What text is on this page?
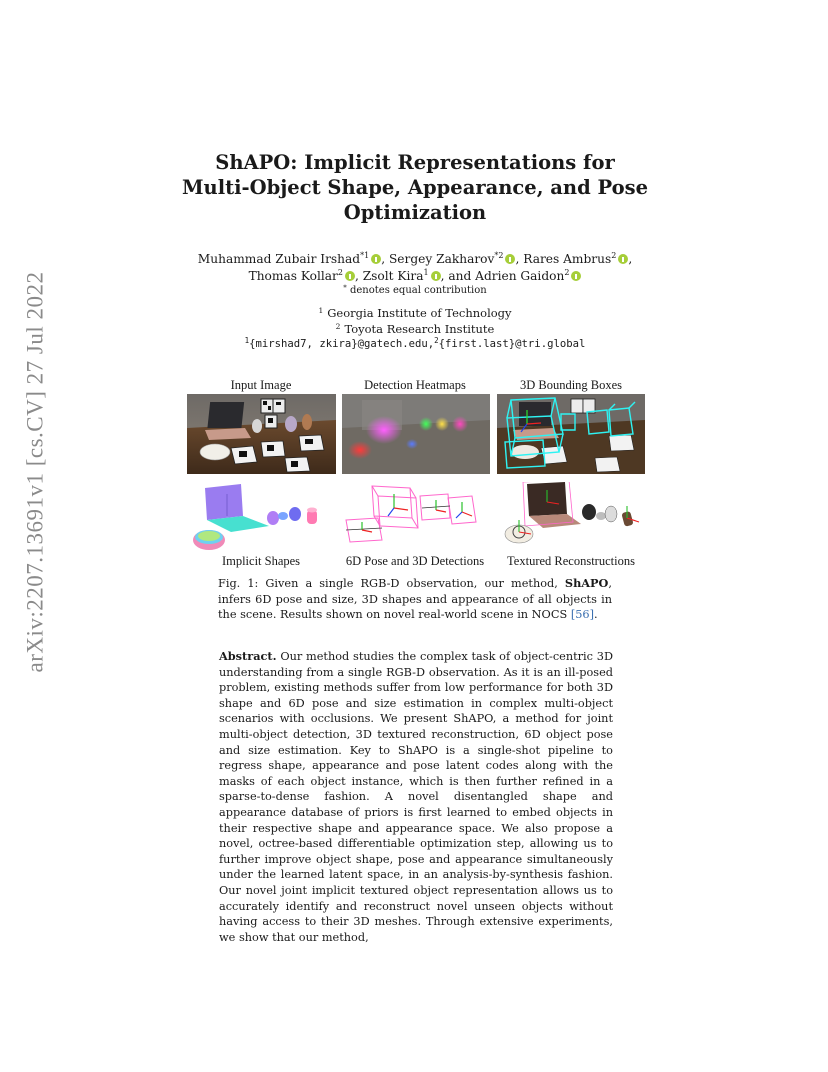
arXiv:2207.13691v1 [cs.CV] 27 Jul 2022
ShAPO: Implicit Representations for
Multi-Object Shape, Appearance, and Pose
Optimization
Muhammad Zubair Irshad$^{*1}$ , Sergey Zakharov$^{*2}$ , Rares Ambrus$^2$ ,
Thomas Kollar$^2$ , Zsolt Kira$^1$ , and Adrien Gaidon$^2$
* denotes equal contribution
$^1$ Georgia Institute of Technology
$^2$ Toyota Research Institute
$^1${mirshad7, zkira}@gatech.edu,$^2${first.last}@tri.global
Input Image	Detection Heatmaps	3D Bounding Boxes
Implicit Shapes	6D Pose and 3D Detections	Textured Reconstructions
Fig. 1: Given a single RGB-D observation, our method, ShAPO, infers 6D pose and size, 3D shapes and appearance of all objects in the scene. Results shown on novel real-world scene in NOCS [56].
Abstract. Our method studies the complex task of object-centric 3D understanding from a single RGB-D observation. As it is an ill-posed problem, existing methods suffer from low performance for both 3D shape and 6D pose and size estimation in complex multi-object scenarios with occlusions. We present ShAPO, a method for joint multi-object detection, 3D textured reconstruction, 6D object pose and size estimation. Key to ShAPO is a single-shot pipeline to regress shape, appearance and pose latent codes along with the masks of each object instance, which is then further refined in a sparse-to-dense fashion. A novel disentangled shape and appearance database of priors is first learned to embed objects in their respective shape and appearance space. We also propose a novel, octree-based differentiable optimization step, allowing us to further improve object shape, pose and appearance simultaneously under the learned latent space, in an analysis-by-synthesis fashion. Our novel joint implicit textured object representation allows us to accurately identify and reconstruct novel unseen objects without having access to their 3D meshes. Through extensive experiments, we show that our method,
